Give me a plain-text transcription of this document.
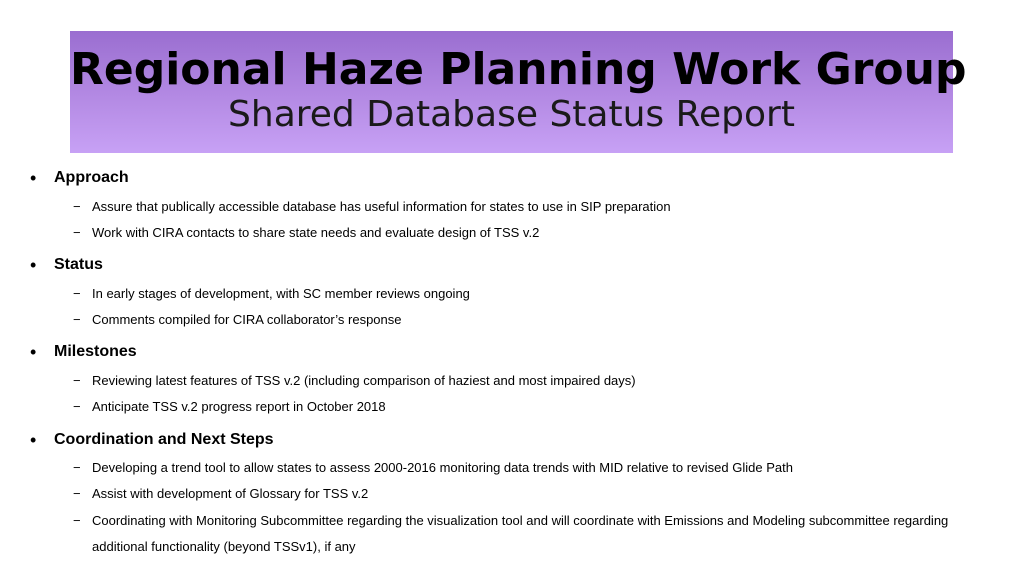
Regional Haze Planning Work Group
Shared Database Status Report
• Approach
− Assure that publically accessible database has useful information for states to use in SIP preparation
− Work with CIRA contacts to share state needs and evaluate design of TSS v.2
• Status
− In early stages of development, with SC member reviews ongoing
− Comments compiled for CIRA collaborator’s response
• Milestones
− Reviewing latest features of TSS v.2 (including comparison of haziest and most impaired days)
− Anticipate TSS v.2 progress report in October 2018
• Coordination and Next Steps
− Developing a trend tool to allow states to assess 2000-2016 monitoring data trends with MID relative to revised Glide Path
− Assist with development of Glossary for TSS v.2
− Coordinating with Monitoring Subcommittee regarding the visualization tool and will coordinate with Emissions and Modeling subcommittee regarding additional functionality (beyond TSSv1), if any
